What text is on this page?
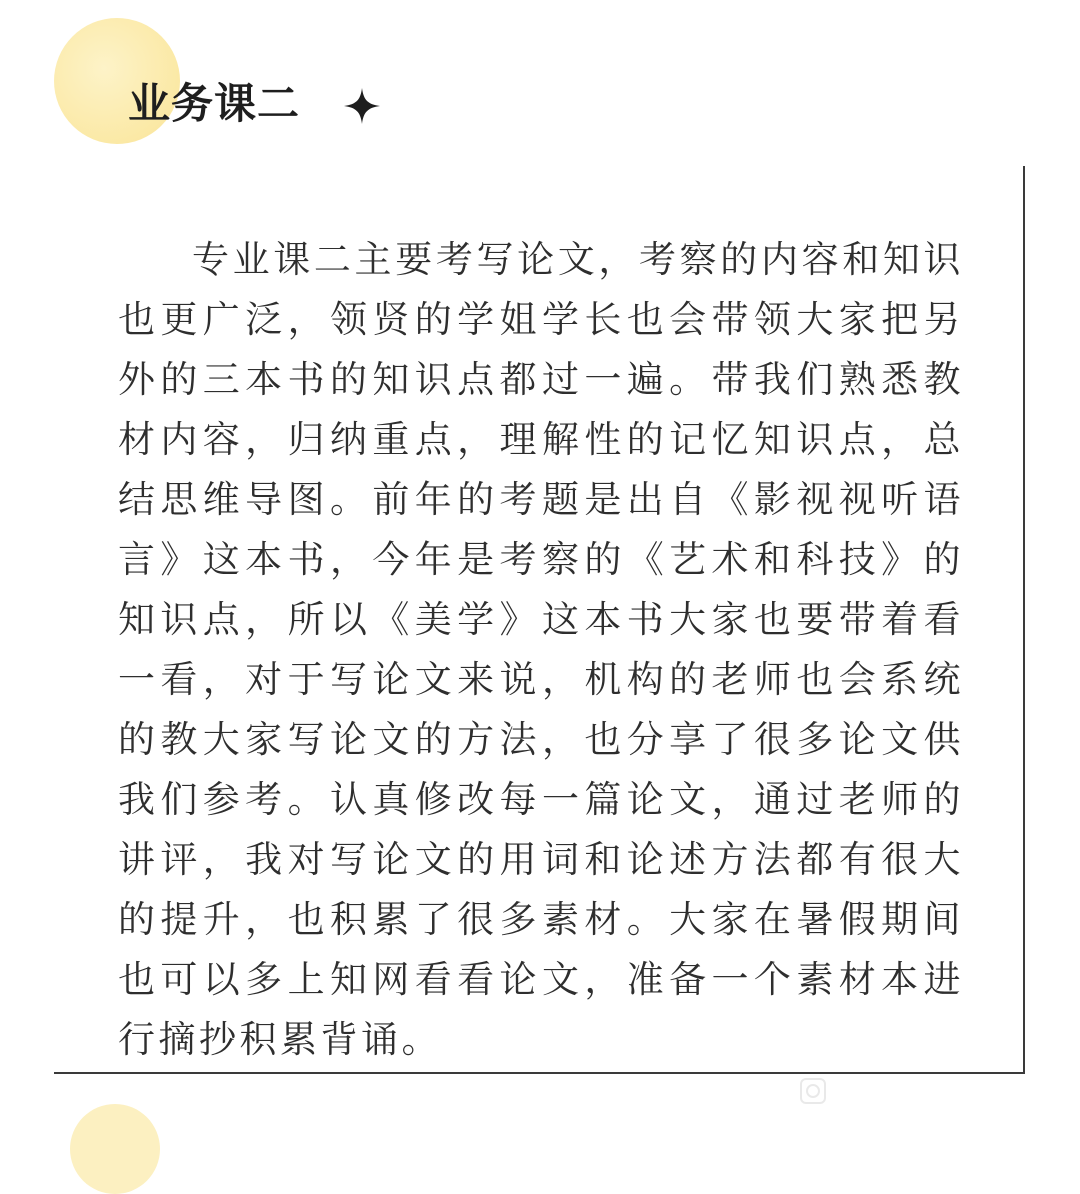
业务课二

专业课二主要考写论文，考察的内容和知识也更广泛，领贤的学姐学长也会带领大家把另外的三本书的知识点都过一遍。带我们熟悉教材内容，归纳重点，理解性的记忆知识点，总结思维导图。前年的考题是出自《影视视听语言》这本书，今年是考察的《艺术和科技》的知识点，所以《美学》这本书大家也要带着看一看，对于写论文来说，机构的老师也会系统的教大家写论文的方法，也分享了很多论文供我们参考。认真修改每一篇论文，通过老师的讲评，我对写论文的用词和论述方法都有很大的提升，也积累了很多素材。大家在暑假期间也可以多上知网看看论文，准备一个素材本进行摘抄积累背诵。
